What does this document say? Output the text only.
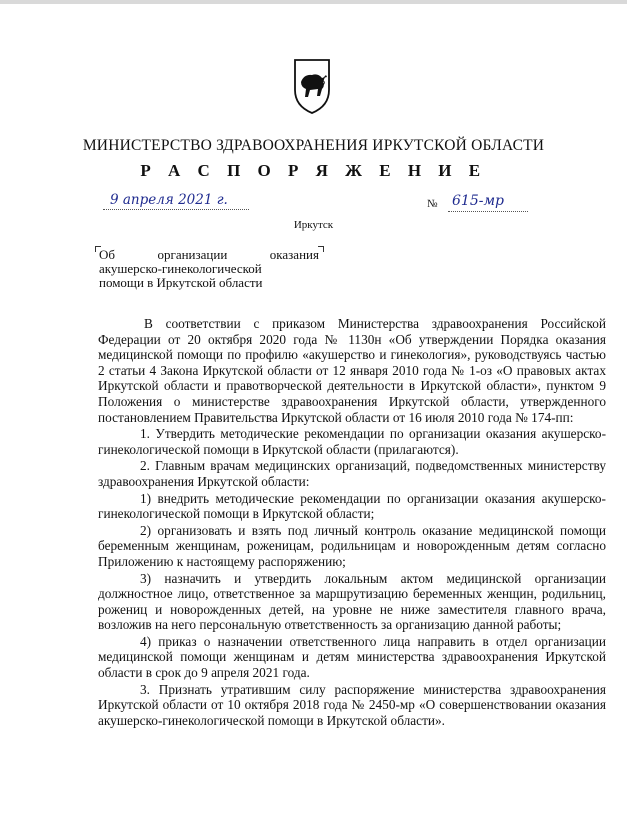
МИНИСТЕРСТВО ЗДРАВООХРАНЕНИЯ ИРКУТСКОЙ ОБЛАСТИ
Р А С П О Р Я Ж Е Н И Е
9 апреля 2021 г.	№ 615-мр
Иркутск
Об	организации	оказания
акушерско-гинекологической
помощи в Иркутской области

В соответствии с приказом Министерства здравоохранения Российской Федерации от 20 октября 2020 года № 1130н «Об утверждении Порядка оказания медицинской помощи по профилю «акушерство и гинекология», руководствуясь частью 2 статьи 4 Закона Иркутской области от 12 января 2010 года № 1-оз «О правовых актах Иркутской области и правотворческой деятельности в Иркутской области», пунктом 9 Положения о министерстве здравоохранения Иркутской области, утвержденного постановлением Правительства Иркутской области от 16 июля 2010 года № 174-пп:

1. Утвердить методические рекомендации по организации оказания акушерско-гинекологической помощи в Иркутской области (прилагаются).

2. Главным врачам медицинских организаций, подведомственных министерству здравоохранения Иркутской области:

1) внедрить методические рекомендации по организации оказания акушерско-гинекологической помощи в Иркутской области;

2) организовать и взять под личный контроль оказание медицинской помощи беременным женщинам, роженицам, родильницам и новорожденным детям согласно Приложению к настоящему распоряжению;

3) назначить и утвердить локальным актом медицинской организации должностное лицо, ответственное за маршрутизацию беременных женщин, родильниц, рожениц и новорожденных детей, на уровне не ниже заместителя главного врача, возложив на него персональную ответственность за организацию данной работы;

4) приказ о назначении ответственного лица направить в отдел организации медицинской помощи женщинам и детям министерства здравоохранения Иркутской области в срок до 9 апреля 2021 года.

3. Признать утратившим силу распоряжение министерства здравоохранения Иркутской области от 10 октября 2018 года № 2450-мр «О совершенствовании оказания акушерско-гинекологической помощи в Иркутской области».
